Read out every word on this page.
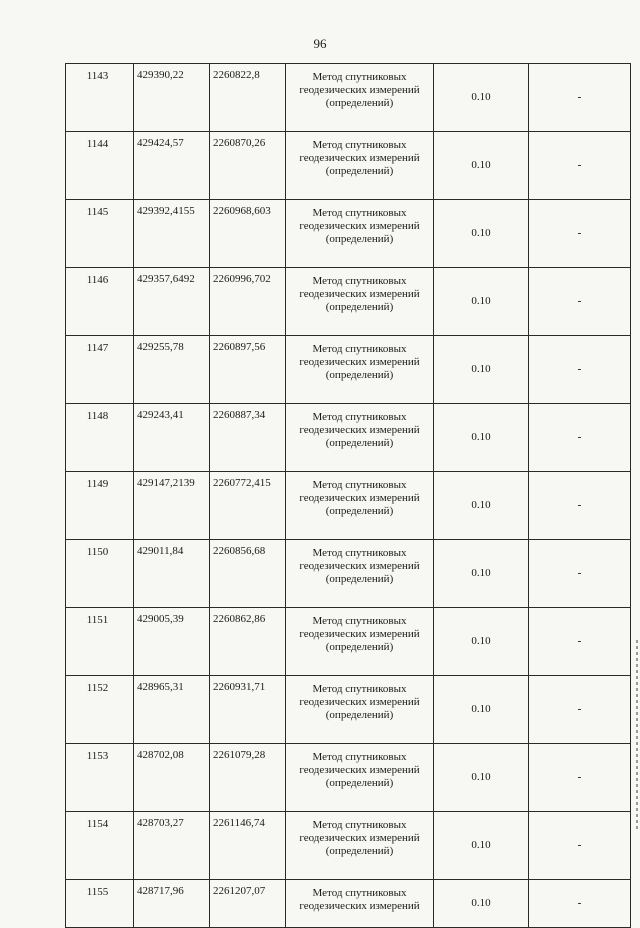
96
1143	429390,22	2260822,8	Метод спутниковых
геодезических измерений
(определений)	0.10	-
1144	429424,57	2260870,26	Метод спутниковых
геодезических измерений
(определений)	0.10	-
1145	429392,4155	2260968,603	Метод спутниковых
геодезических измерений
(определений)	0.10	-
1146	429357,6492	2260996,702	Метод спутниковых
геодезических измерений
(определений)	0.10	-
1147	429255,78	2260897,56	Метод спутниковых
геодезических измерений
(определений)	0.10	-
1148	429243,41	2260887,34	Метод спутниковых
геодезических измерений
(определений)	0.10	-
1149	429147,2139	2260772,415	Метод спутниковых
геодезических измерений
(определений)	0.10	-
1150	429011,84	2260856,68	Метод спутниковых
геодезических измерений
(определений)	0.10	-
1151	429005,39	2260862,86	Метод спутниковых
геодезических измерений
(определений)	0.10	-
1152	428965,31	2260931,71	Метод спутниковых
геодезических измерений
(определений)	0.10	-
1153	428702,08	2261079,28	Метод спутниковых
геодезических измерений
(определений)	0.10	-
1154	428703,27	2261146,74	Метод спутниковых
геодезических измерений
(определений)	0.10	-
1155	428717,96	2261207,07	Метод спутниковых
геодезических измерений	0.10	-
